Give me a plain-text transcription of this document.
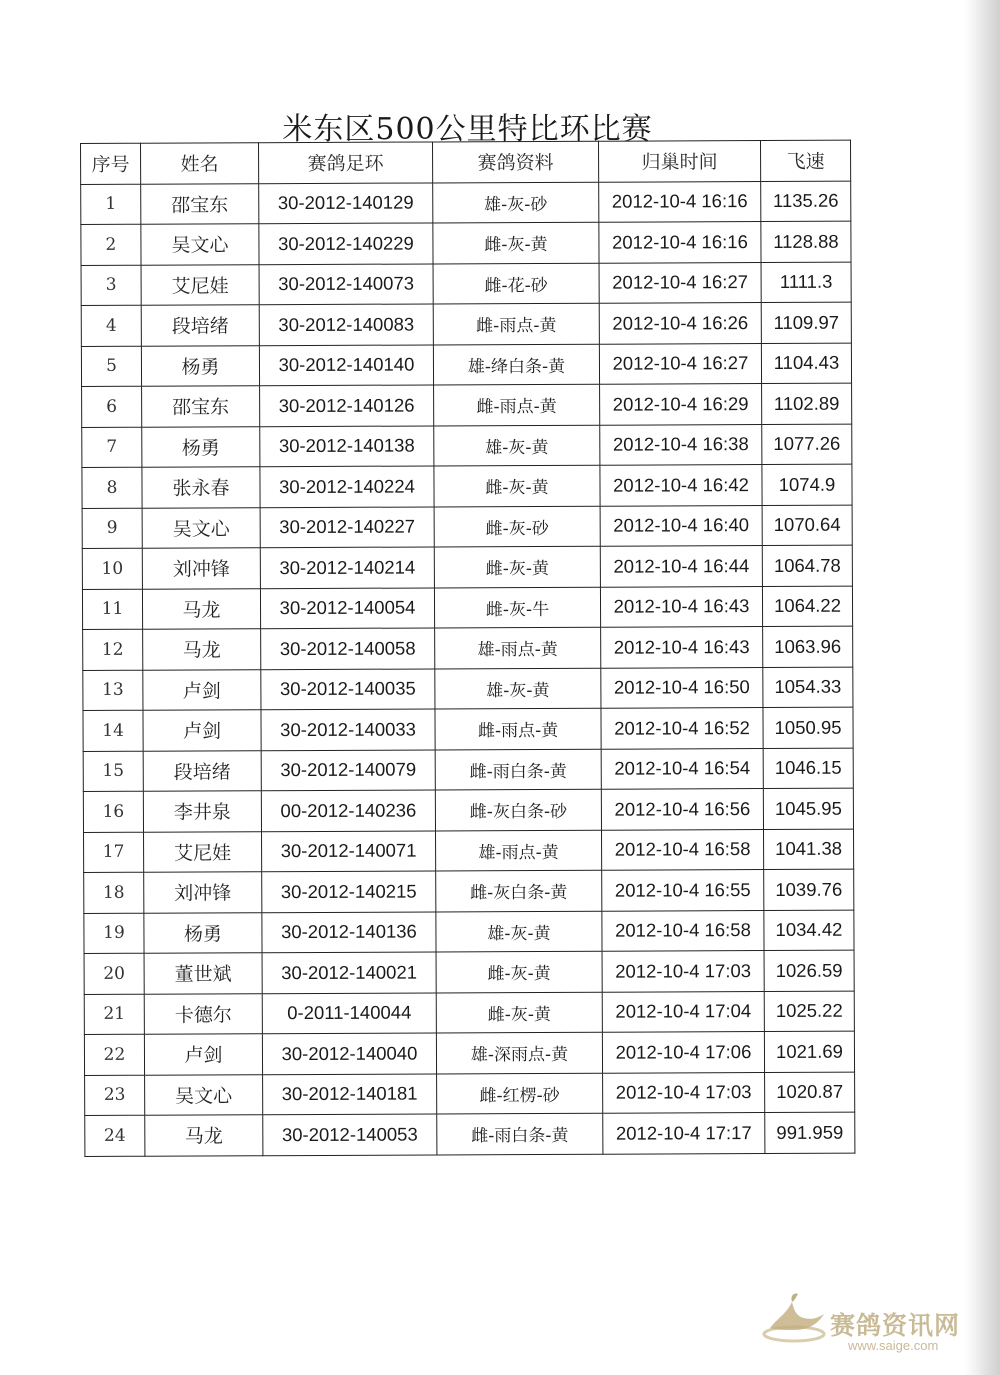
米东区500公里特比环比赛
序号	姓名	赛鸽足环	赛鸽资料	归巢时间	飞速
1	邵宝东	30-2012-140129	雄-灰-砂	2012-10-4 16:16	1135.26
2	吴文心	30-2012-140229	雌-灰-黄	2012-10-4 16:16	1128.88
3	艾尼娃	30-2012-140073	雌-花-砂	2012-10-4 16:27	1111.3
4	段培绪	30-2012-140083	雌-雨点-黄	2012-10-4 16:26	1109.97
5	杨勇	30-2012-140140	雄-绛白条-黄	2012-10-4 16:27	1104.43
6	邵宝东	30-2012-140126	雌-雨点-黄	2012-10-4 16:29	1102.89
7	杨勇	30-2012-140138	雄-灰-黄	2012-10-4 16:38	1077.26
8	张永春	30-2012-140224	雌-灰-黄	2012-10-4 16:42	1074.9
9	吴文心	30-2012-140227	雌-灰-砂	2012-10-4 16:40	1070.64
10	刘冲锋	30-2012-140214	雌-灰-黄	2012-10-4 16:44	1064.78
11	马龙	30-2012-140054	雌-灰-牛	2012-10-4 16:43	1064.22
12	马龙	30-2012-140058	雄-雨点-黄	2012-10-4 16:43	1063.96
13	卢剑	30-2012-140035	雄-灰-黄	2012-10-4 16:50	1054.33
14	卢剑	30-2012-140033	雌-雨点-黄	2012-10-4 16:52	1050.95
15	段培绪	30-2012-140079	雌-雨白条-黄	2012-10-4 16:54	1046.15
16	李井泉	00-2012-140236	雌-灰白条-砂	2012-10-4 16:56	1045.95
17	艾尼娃	30-2012-140071	雄-雨点-黄	2012-10-4 16:58	1041.38
18	刘冲锋	30-2012-140215	雌-灰白条-黄	2012-10-4 16:55	1039.76
19	杨勇	30-2012-140136	雄-灰-黄	2012-10-4 16:58	1034.42
20	董世斌	30-2012-140021	雌-灰-黄	2012-10-4 17:03	1026.59
21	卡德尔	0-2011-140044	雌-灰-黄	2012-10-4 17:04	1025.22
22	卢剑	30-2012-140040	雄-深雨点-黄	2012-10-4 17:06	1021.69
23	吴文心	30-2012-140181	雌-红楞-砂	2012-10-4 17:03	1020.87
24	马龙	30-2012-140053	雌-雨白条-黄	2012-10-4 17:17	991.959
赛鸽资讯网
www.saige.com
